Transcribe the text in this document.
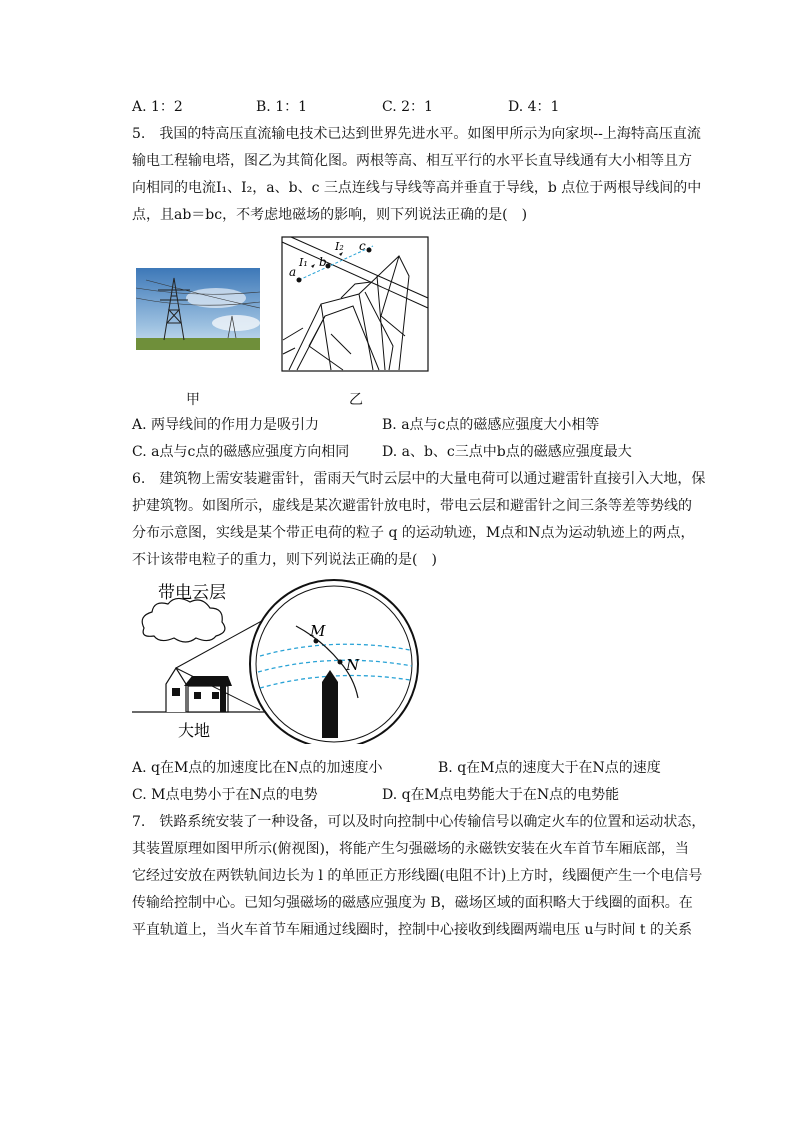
A. 1：2	B. 1：1	C. 2：1	D. 4：1
5.　我国的特高压直流输电技术已达到世界先进水平。如图甲所示为向家坝--上海特高压直流
输电工程输电塔，图乙为其简化图。两根等高、相互平行的水平长直导线通有大小相等且方
向相同的电流I₁、I₂，a、b、c 三点连线与导线等高并垂直于导线，b 点位于两根导线间的中
点，且ab＝bc，不考虑地磁场的影响，则下列说法正确的是(　)
甲
a
b
c
I₁
I₂
乙
A. 两导线间的作用力是吸引力	B. a点与c点的磁感应强度大小相等
C. a点与c点的磁感应强度方向相同 D. a、b、c三点中b点的磁感应强度最大
6.　建筑物上需安装避雷针，雷雨天气时云层中的大量电荷可以通过避雷针直接引入大地，保
护建筑物。如图所示，虚线是某次避雷针放电时，带电云层和避雷针之间三条等差等势线的
分布示意图，实线是某个带正电荷的粒子 q 的运动轨迹，M点和N点为运动轨迹上的两点，
不计该带电粒子的重力，则下列说法正确的是(　)
带电云层
大地
M
N
A. q在M点的加速度比在N点的加速度小	B. q在M点的速度大于在N点的速度
C. M点电势小于在N点的电势	D. q在M点电势能大于在N点的电势能
7.　铁路系统安装了一种设备，可以及时向控制中心传输信号以确定火车的位置和运动状态，
其装置原理如图甲所示(俯视图)，将能产生匀强磁场的永磁铁安装在火车首节车厢底部，当
它经过安放在两铁轨间边长为 l 的单匝正方形线圈(电阻不计)上方时，线圈便产生一个电信号
传输给控制中心。已知匀强磁场的磁感应强度为 B，磁场区域的面积略大于线圈的面积。在
平直轨道上，当火车首节车厢通过线圈时，控制中心接收到线圈两端电压 u与时间 t 的关系
